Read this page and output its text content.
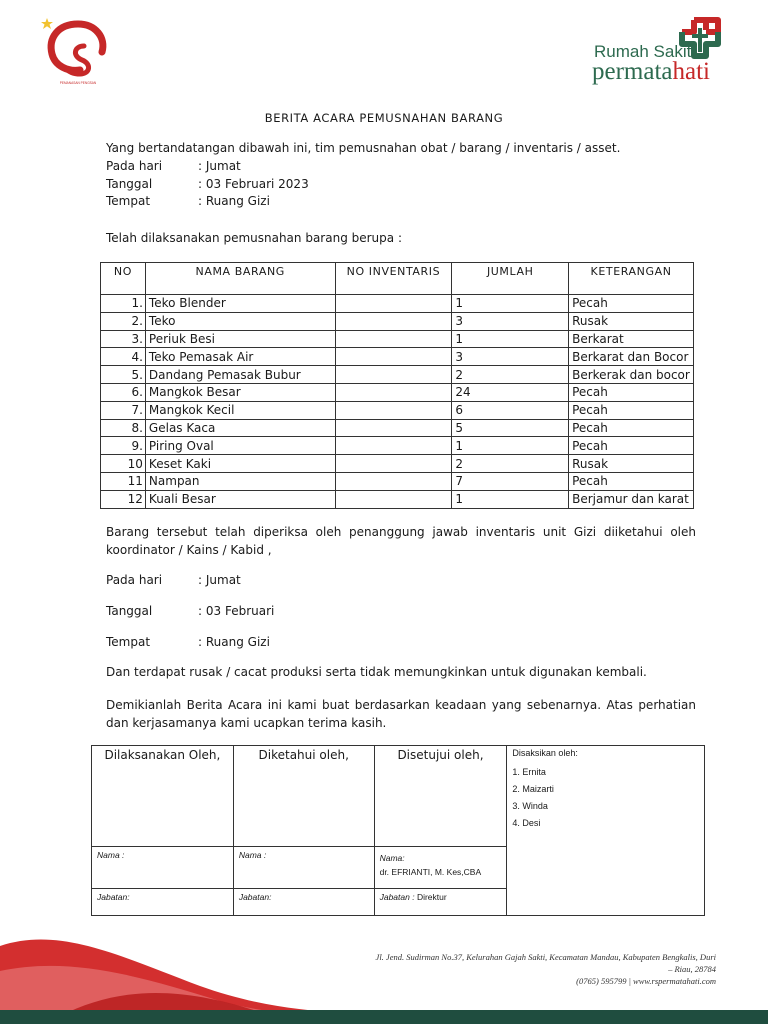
PEMANASAN PENGSAN
Rumah Sakit
permatahati
BERITA ACARA PEMUSNAHAN BARANG
Yang bertandatangan dibawah ini, tim pemusnahan obat / barang / inventaris / asset.
Pada hari	: Jumat
Tanggal	: 03 Februari 2023
Tempat	: Ruang Gizi
Telah dilaksanakan pemusnahan barang berupa :
NO	NAMA BARANG	NO INVENTARIS	JUMLAH	KETERANGAN
1.	Teko Blender		1	Pecah
2.	Teko		3	Rusak
3.	Periuk Besi		1	Berkarat
4.	Teko Pemasak Air		3	Berkarat dan Bocor
5.	Dandang Pemasak Bubur		2	Berkerak dan bocor
6.	Mangkok Besar		24	Pecah
7.	Mangkok Kecil		6	Pecah
8.	Gelas Kaca		5	Pecah
9.	Piring Oval		1	Pecah
10	Keset Kaki		2	Rusak
11	Nampan		7	Pecah
12	Kuali Besar		1	Berjamur dan karat
Barang tersebut telah diperiksa oleh penanggung jawab inventaris unit Gizi diiketahui oleh koordinator / Kains / Kabid ,
Pada hari	: Jumat
Tanggal	: 03 Februari
Tempat	: Ruang Gizi
Dan terdapat rusak / cacat produksi serta tidak memungkinkan untuk digunakan kembali.
Demikianlah Berita Acara ini kami buat berdasarkan keadaan yang sebenarnya. Atas perhatian dan kerjasamanya kami ucapkan terima kasih.
Dilaksanakan Oleh,	Diketahui oleh,	Disetujui oleh,	Disaksikan oleh:
1. Ernita
2. Maizarti
3. Winda
4. Desi

Nama :	Nama :	Nama:
dr. EFRIANTI, M. Kes,CBA	

Jabatan:	Jabatan:	Jabatan : Direktur	
Jl. Jend. Sudirman No.37, Kelurahan Gajah Sakti, Kecamatan Mandau, Kabupaten Bengkalis, Duri
– Riau, 28784
(0765) 595799 | www.rspermatahati.com
